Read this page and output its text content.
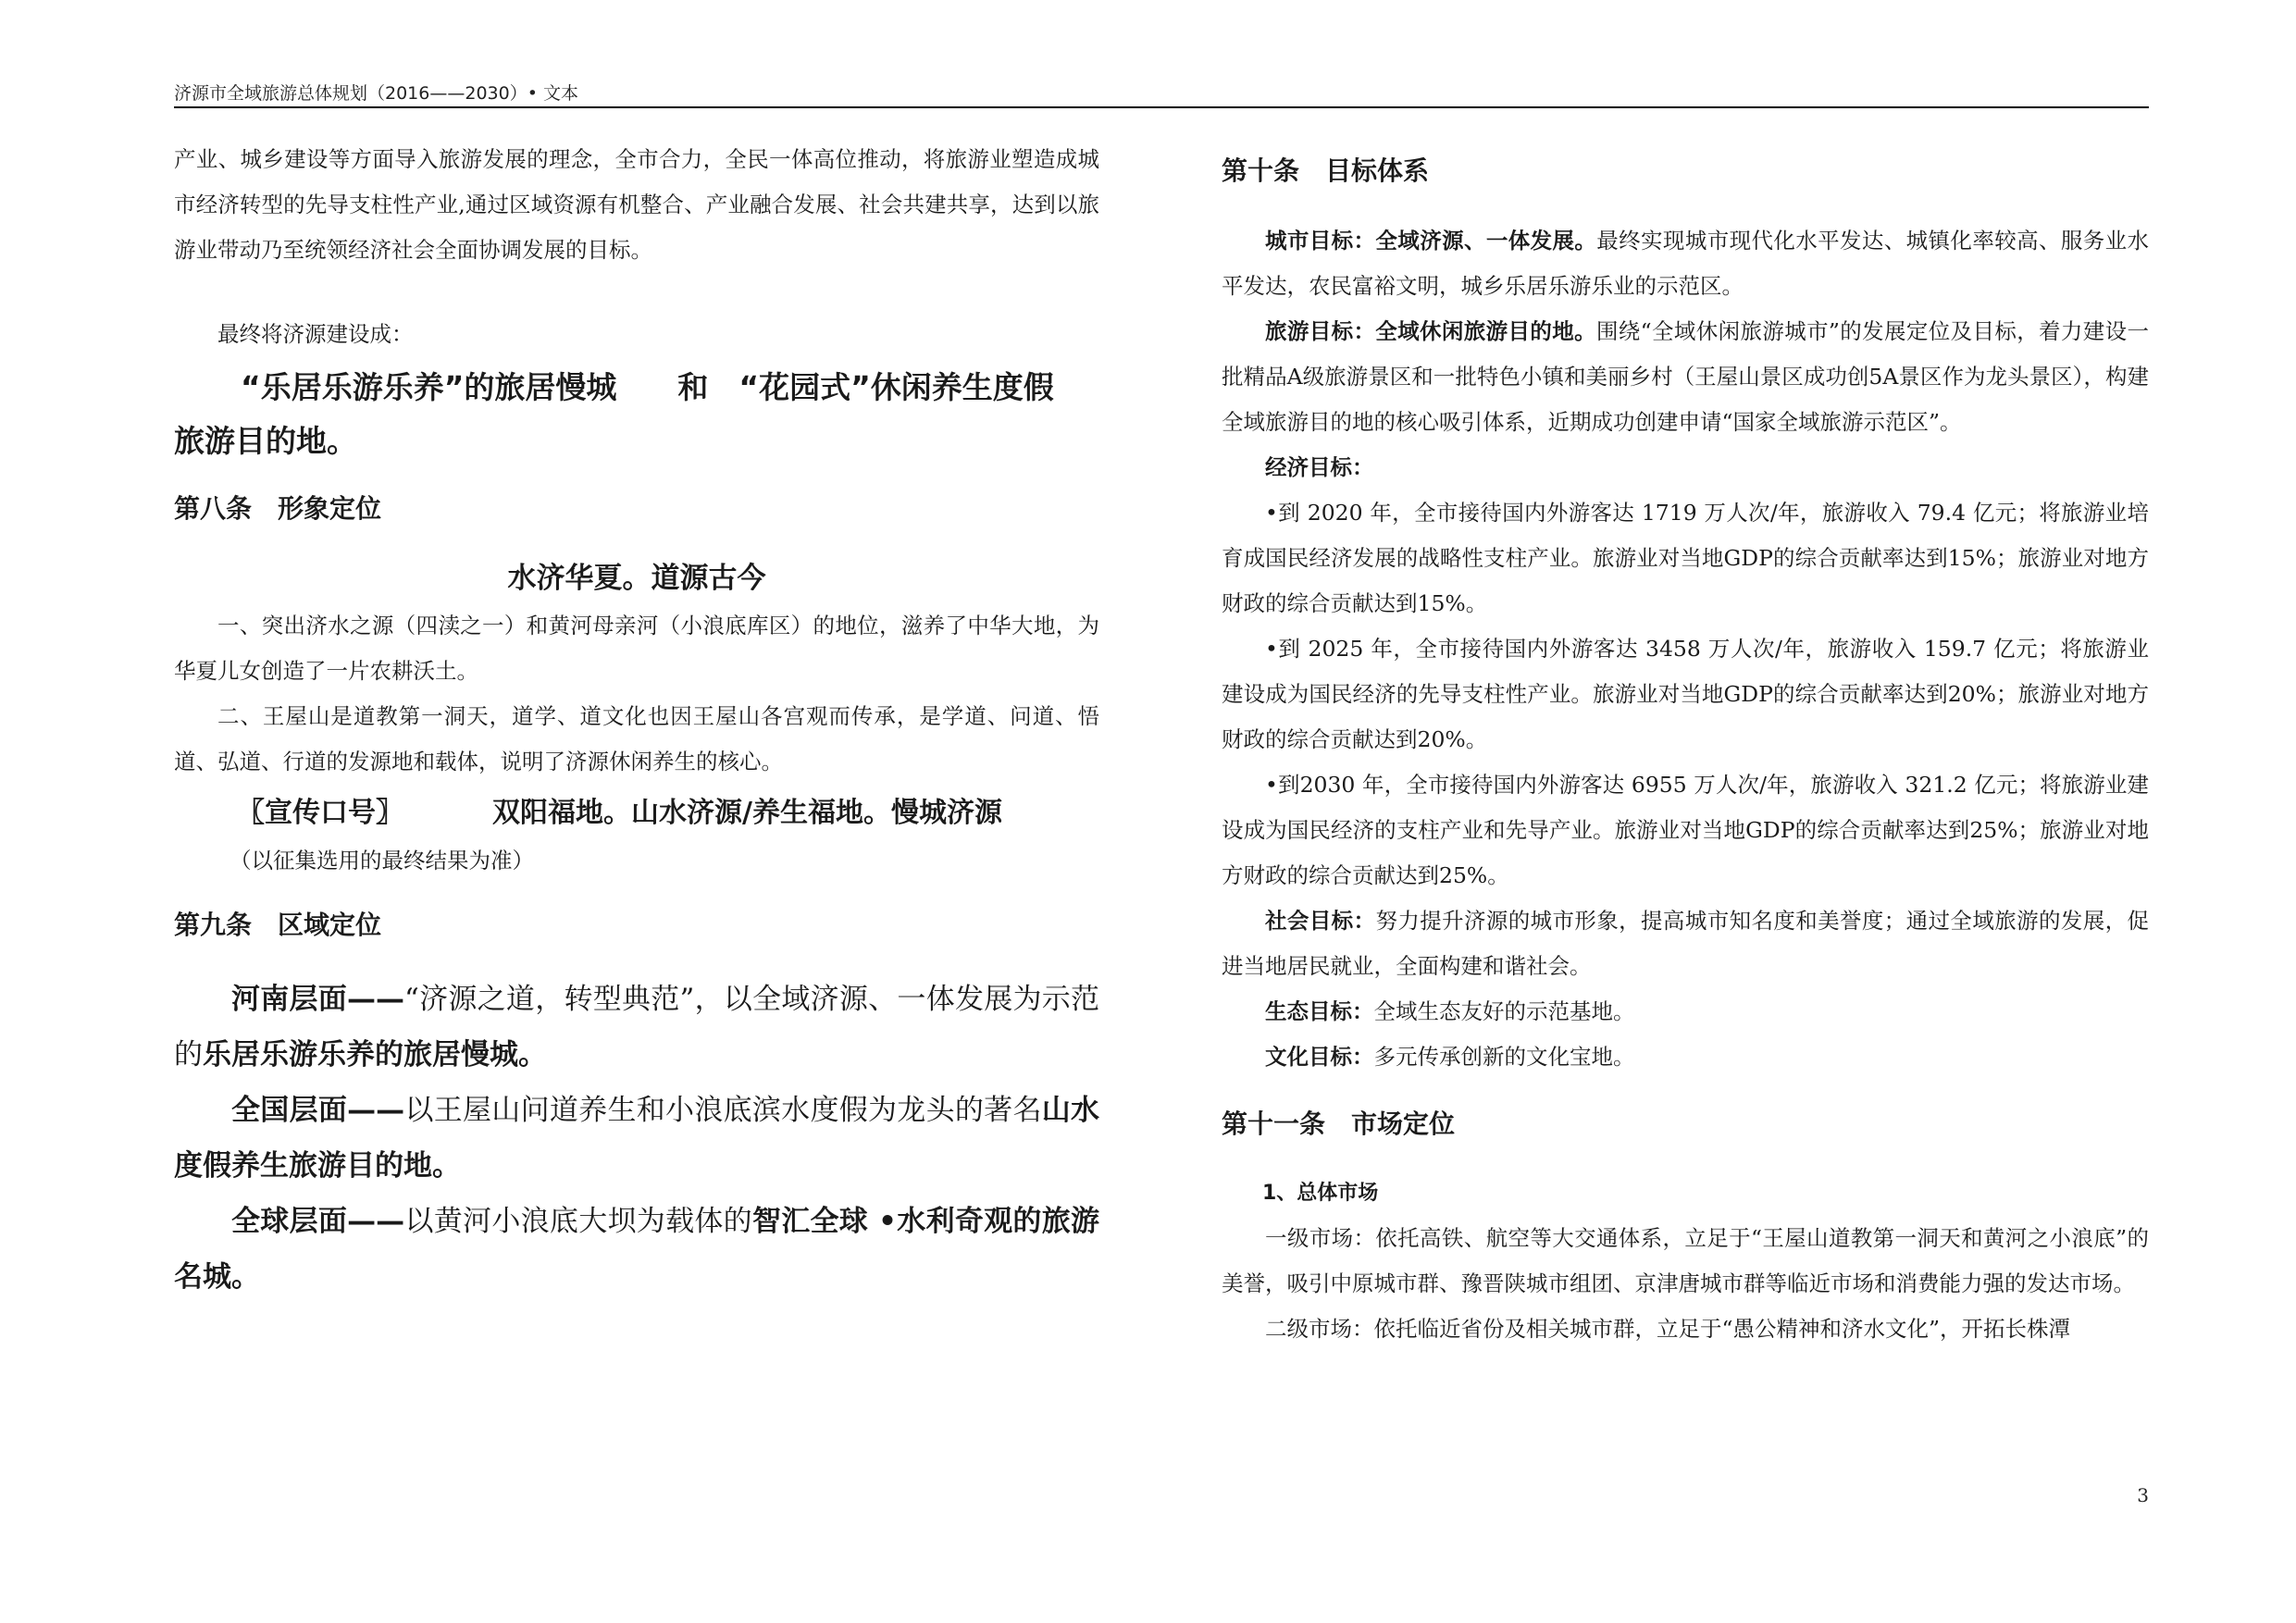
济源市全域旅游总体规划（2016——2030）• 文本

产业、城乡建设等方面导入旅游发展的理念，全市合力，全民一体高位推动，将旅游业塑造成城市经济转型的先导支柱性产业,通过区域资源有机整合、产业融合发展、社会共建共享，达到以旅游业带动乃至统领经济社会全面协调发展的目标。

最终将济源建设成：

“乐居乐游乐养”的旅居慢城　　和　“花园式”休闲养生度假

旅游目的地。

第八条　形象定位

水济华夏。道源古今

一、突出济水之源（四渎之一）和黄河母亲河（小浪底库区）的地位，滋养了中华大地，为华夏儿女创造了一片农耕沃土。

二、王屋山是道教第一洞天，道学、道文化也因王屋山各宫观而传承，是学道、问道、悟道、弘道、行道的发源地和载体，说明了济源休闲养生的核心。

〖宣传口号〗	双阳福地。山水济源/养生福地。慢城济源

（以征集选用的最终结果为准）

第九条　区域定位

河南层面——“济源之道，转型典范”，以全域济源、一体发展为示范的乐居乐游乐养的旅居慢城。

全国层面——以王屋山问道养生和小浪底滨水度假为龙头的著名山水度假养生旅游目的地。

全球层面——以黄河小浪底大坝为载体的智汇全球 •水利奇观的旅游名城。

第十条　目标体系

城市目标：全域济源、一体发展。最终实现城市现代化水平发达、城镇化率较高、服务业水平发达，农民富裕文明，城乡乐居乐游乐业的示范区。

旅游目标：全域休闲旅游目的地。围绕“全域休闲旅游城市”的发展定位及目标，着力建设一批精品A级旅游景区和一批特色小镇和美丽乡村（王屋山景区成功创5A景区作为龙头景区），构建全域旅游目的地的核心吸引体系，近期成功创建申请“国家全域旅游示范区”。

经济目标：

•到 2020 年，全市接待国内外游客达 1719 万人次/年，旅游收入 79.4 亿元；将旅游业培育成国民经济发展的战略性支柱产业。旅游业对当地GDP的综合贡献率达到15%；旅游业对地方财政的综合贡献达到15%。

•到 2025 年，全市接待国内外游客达 3458 万人次/年，旅游收入 159.7 亿元；将旅游业建设成为国民经济的先导支柱性产业。旅游业对当地GDP的综合贡献率达到20%；旅游业对地方财政的综合贡献达到20%。

•到2030 年，全市接待国内外游客达 6955 万人次/年，旅游收入 321.2 亿元；将旅游业建设成为国民经济的支柱产业和先导产业。旅游业对当地GDP的综合贡献率达到25%；旅游业对地方财政的综合贡献达到25%。

社会目标：努力提升济源的城市形象，提高城市知名度和美誉度；通过全域旅游的发展，促进当地居民就业，全面构建和谐社会。

生态目标：全域生态友好的示范基地。

文化目标：多元传承创新的文化宝地。

第十一条　市场定位

1、总体市场

一级市场：依托高铁、航空等大交通体系，立足于“王屋山道教第一洞天和黄河之小浪底”的美誉，吸引中原城市群、豫晋陕城市组团、京津唐城市群等临近市场和消费能力强的发达市场。

二级市场：依托临近省份及相关城市群，立足于“愚公精神和济水文化”，开拓长株潭

3
